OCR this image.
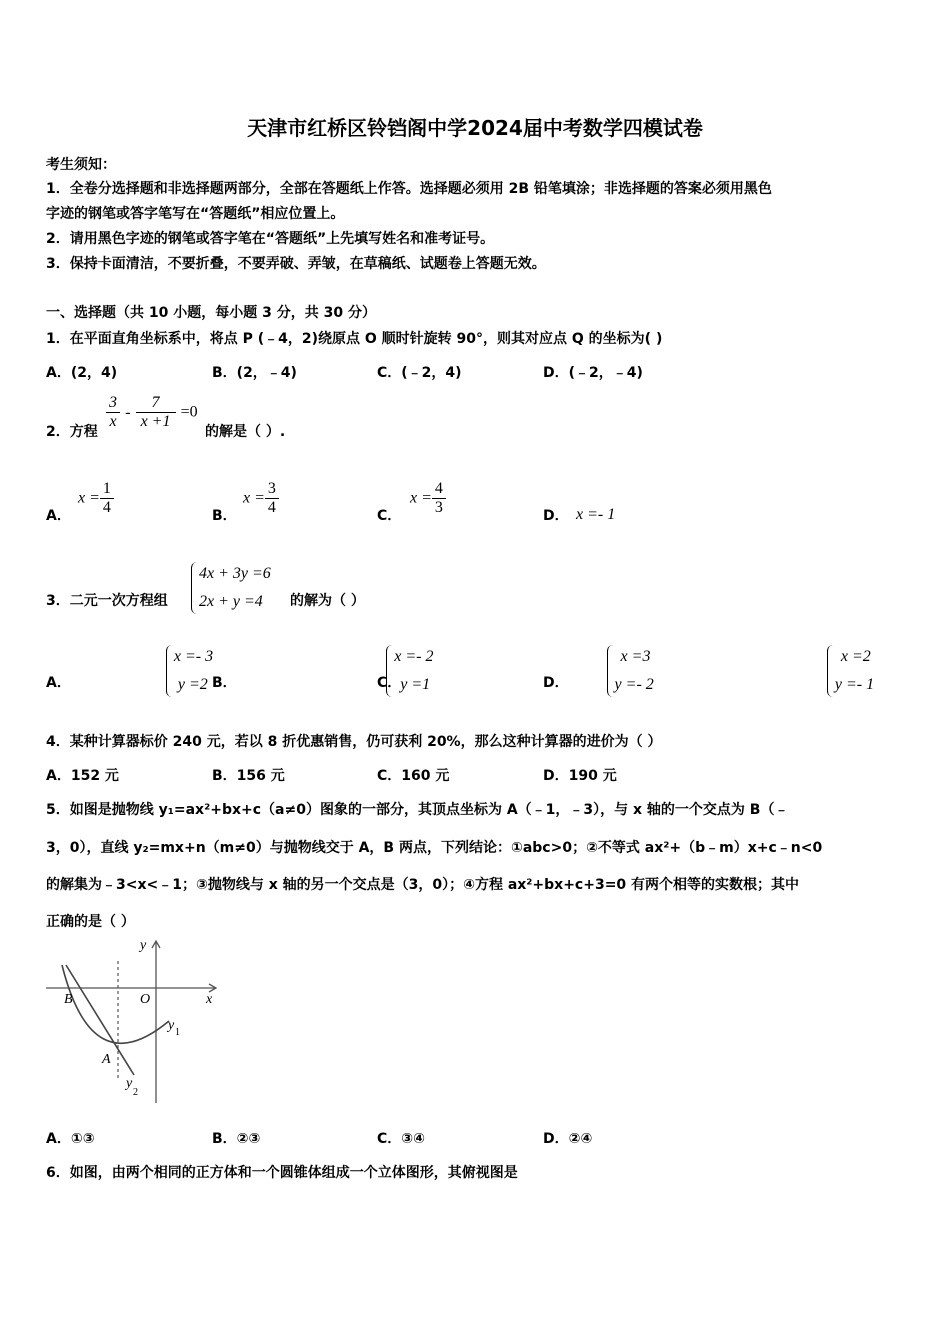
天津市红桥区铃铛阁中学2024届中考数学四模试卷
考生须知：
1．全卷分选择题和非选择题两部分，全部在答题纸上作答。选择题必须用 2B 铅笔填涂；非选择题的答案必须用黑色
字迹的钢笔或答字笔写在“答题纸”相应位置上。
2．请用黑色字迹的钢笔或答字笔在“答题纸”上先填写姓名和准考证号。
3．保持卡面清洁，不要折叠，不要弄破、弄皱，在草稿纸、试题卷上答题无效。
一、选择题（共 10 小题，每小题 3 分，共 30 分）
1．在平面直角坐标系中，将点 P (﹣4，2)绕原点 O 顺时针旋转 90°，则其对应点 Q 的坐标为( )
A．(2，4)	B．(2，﹣4)	C．(﹣2，4)	D．(﹣2，﹣4)
2．方程
$\frac{3}{x} - \frac{7}{x +1} =0$
的解是（ ）.
A．
$x = \frac{1}{4}$	B．
$x = \frac{3}{4}$	C．
$x = \frac{4}{3}$	D． x =- 1
3．二元一次方程组
4x + 3y =6
2x + y =4
	的解为（ ）
A．
x =- 3
y =2
B．
x =- 2
y =1

C．
x =3
y =- 2

D．
x =2
y =- 1
4．某种计算器标价 240 元，若以 8 折优惠销售，仍可获利 20%，那么这种计算器的进价为（ ）
A．152 元	B．156 元	C．160 元	D．190 元
5．如图是抛物线 y₁=ax²+bx+c（a≠0）图象的一部分，其顶点坐标为 A（﹣1，﹣3），与 x 轴的一个交点为 B（﹣
3，0），直线 y₂=mx+n（m≠0）与抛物线交于 A，B 两点，下列结论：①abc>0；②不等式 ax²+（b﹣m）x+c﹣n<0
的解集为﹣3<x<﹣1；③抛物线与 x 轴的另一个交点是（3，0）；④方程 ax²+bx+c+3=0 有两个相等的实数根；其中
正确的是（ ）
y
x
O
B
A
y 1
y
2
A．①③	B．②③	C．③④	D．②④
6．如图，由两个相同的正方体和一个圆锥体组成一个立体图形，其俯视图是
